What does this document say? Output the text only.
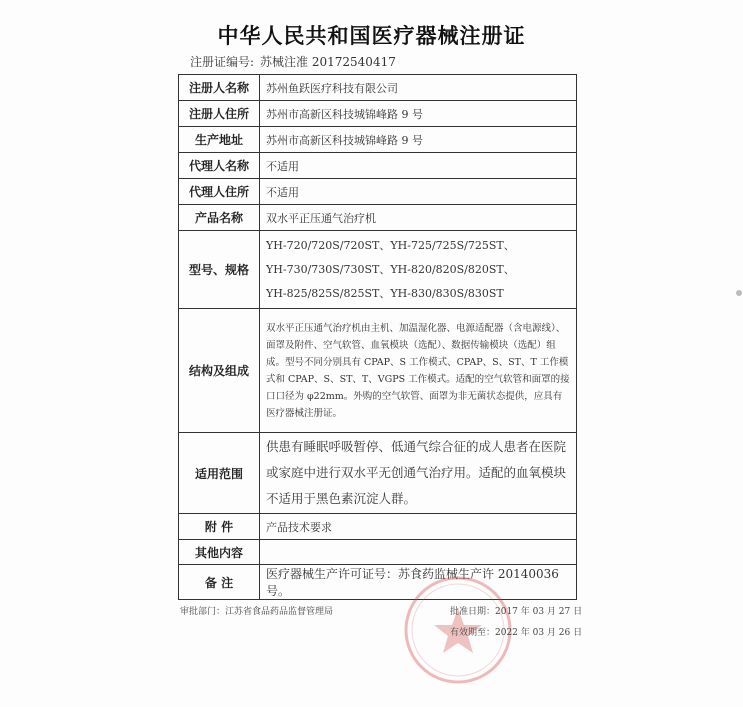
中华人民共和国医疗器械注册证
注册证编号: 苏械注准 20172540417
注册人名称	苏州鱼跃医疗科技有限公司
注册人住所	苏州市高新区科技城锦峰路 9 号
生产地址	苏州市高新区科技城锦峰路 9 号
代理人名称	不适用
代理人住所	不适用
产品名称	双水平正压通气治疗机
型号、规格	YH-720/720S/720ST、YH-725/725S/725ST、
YH-730/730S/730ST、YH-820/820S/820ST、
YH-825/825S/825ST、YH-830/830S/830ST

结构及组成	双水平正压通气治疗机由主机、加温湿化器、电源适配器（含电源线）、面罩及附件、空气软管、血氧模块（选配）、数据传输模块（选配）组成。型号不同分别具有 CPAP、S 工作模式、CPAP、S、ST、T 工作模式和 CPAP、S、ST、T、VGPS 工作模式。适配的空气软管和面罩的接口口径为 φ22mm。外购的空气软管、面罩为非无菌状态提供，应具有医疗器械注册证。
适用范围	供患有睡眠呼吸暂停、低通气综合征的成人患者在医院或家庭中进行双水平无创通气治疗用。适配的血氧模块不适用于黑色素沉淀人群。
附 件	产品技术要求
其他内容	
备 注	医疗器械生产许可证号：苏食药监械生产许 20140036 号。
审批部门：江苏省食品药品监督管理局	批准日期：2017 年 03 月 27 日
有效期至：2022 年 03 月 26 日
